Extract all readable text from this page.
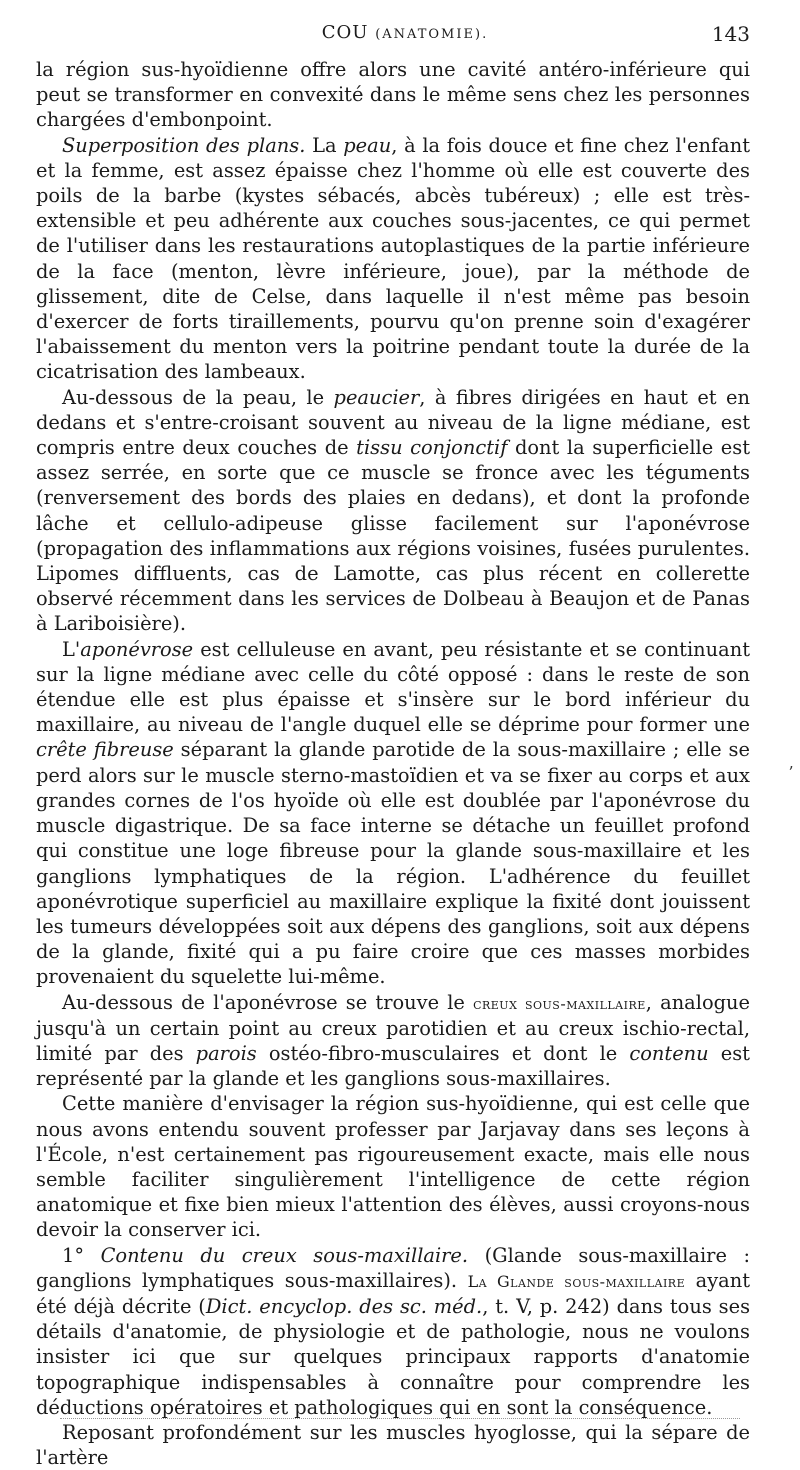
COU (ANATOMIE).	143

la région sus-hyoïdienne offre alors une cavité antéro-inférieure qui peut se transformer en convexité dans le même sens chez les personnes chargées d'embonpoint.

Superposition des plans. La peau, à la fois douce et fine chez l'enfant et la femme, est assez épaisse chez l'homme où elle est couverte des poils de la barbe (kystes sébacés, abcès tubéreux) ; elle est très-extensible et peu adhérente aux couches sous-jacentes, ce qui permet de l'utiliser dans les restaurations autoplastiques de la partie inférieure de la face (menton, lèvre inférieure, joue), par la méthode de glissement, dite de Celse, dans laquelle il n'est même pas besoin d'exercer de forts tiraillements, pourvu qu'on prenne soin d'exagérer l'abaissement du menton vers la poitrine pendant toute la durée de la cicatrisation des lambeaux.

Au-dessous de la peau, le peaucier, à fibres dirigées en haut et en dedans et s'entre-croisant souvent au niveau de la ligne médiane, est compris entre deux couches de tissu conjonctif dont la superficielle est assez serrée, en sorte que ce muscle se fronce avec les téguments (renversement des bords des plaies en dedans), et dont la profonde lâche et cellulo-adipeuse glisse facilement sur l'aponévrose (propagation des inflammations aux régions voisines, fusées purulentes. Lipomes diffluents, cas de Lamotte, cas plus récent en collerette observé récemment dans les services de Dolbeau à Beaujon et de Panas à Lariboisière).

L'aponévrose est celluleuse en avant, peu résistante et se continuant sur la ligne médiane avec celle du côté opposé : dans le reste de son étendue elle est plus épaisse et s'insère sur le bord inférieur du maxillaire, au niveau de l'angle duquel elle se déprime pour former une crête fibreuse séparant la glande parotide de la sous-maxillaire ; elle se perd alors sur le muscle sterno-mastoïdien et va se fixer au corps et aux grandes cornes de l'os hyoïde où elle est doublée par l'aponévrose du muscle digastrique. De sa face interne se détache un feuillet profond qui constitue une loge fibreuse pour la glande sous-maxillaire et les ganglions lymphatiques de la région. L'adhérence du feuillet aponévrotique superficiel au maxillaire explique la fixité dont jouissent les tumeurs développées soit aux dépens des ganglions, soit aux dépens de la glande, fixité qui a pu faire croire que ces masses morbides provenaient du squelette lui-même.

Au-dessous de l'aponévrose se trouve le creux sous-maxillaire, analogue jusqu'à un certain point au creux parotidien et au creux ischio-rectal, limité par des parois ostéo-fibro-musculaires et dont le contenu est représenté par la glande et les ganglions sous-maxillaires.

Cette manière d'envisager la région sus-hyoïdienne, qui est celle que nous avons entendu souvent professer par Jarjavay dans ses leçons à l'École, n'est certainement pas rigoureusement exacte, mais elle nous semble faciliter singulièrement l'intelligence de cette région anatomique et fixe bien mieux l'attention des élèves, aussi croyons-nous devoir la conserver ici.

1° Contenu du creux sous-maxillaire. (Glande sous-maxillaire : ganglions lymphatiques sous-maxillaires). La Glande sous-maxillaire ayant été déjà décrite (Dict. encyclop. des sc. méd., t. V, p. 242) dans tous ses détails d'anatomie, de physiologie et de pathologie, nous ne voulons insister ici que sur quelques principaux rapports d'anatomie topographique indispensables à connaître pour comprendre les déductions opératoires et pathologiques qui en sont la conséquence.

Reposant profondément sur les muscles hyoglosse, qui la sépare de l'artère

ʼ
